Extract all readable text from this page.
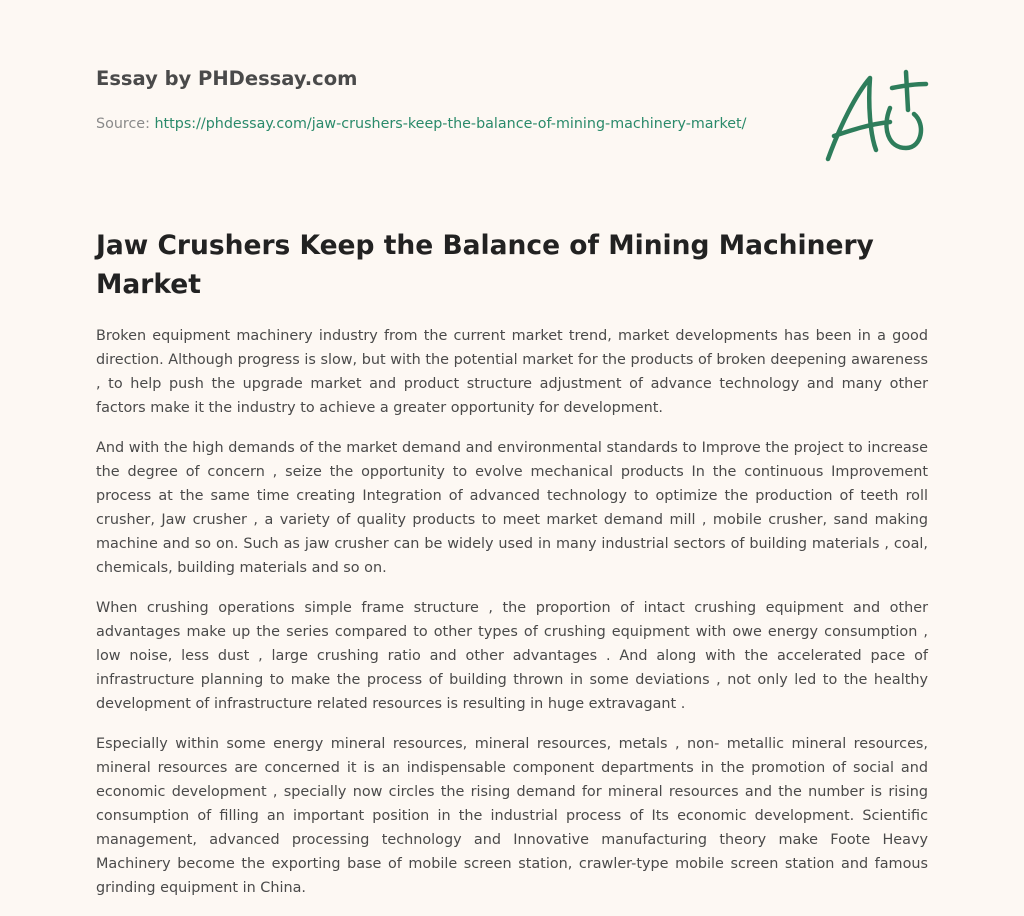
Essay by PHDessay.com

Source: https://phdessay.com/jaw-crushers-keep-the-balance-of-mining-machinery-market/
Jaw Crushers Keep the Balance of Mining Machinery Market

Broken equipment machinery industry from the current market trend, market developments has been in a good direction. Although progress is slow, but with the potential market for the products of broken deepening awareness , to help push the upgrade market and product structure adjustment of advance technology and many other factors make it the industry to achieve a greater opportunity for development.

And with the high demands of the market demand and environmental standards to Improve the project to increase the degree of concern , seize the opportunity to evolve mechanical products In the continuous Improvement process at the same time creating Integration of advanced technology to optimize the production of teeth roll crusher, Jaw crusher , a variety of quality products to meet market demand mill , mobile crusher, sand making machine and so on. Such as jaw crusher can be widely used in many industrial sectors of building materials , coal, chemicals, building materials and so on.

When crushing operations simple frame structure , the proportion of intact crushing equipment and other advantages make up the series compared to other types of crushing equipment with owe energy consumption , low noise, less dust , large crushing ratio and other advantages . And along with the accelerated pace of infrastructure planning to make the process of building thrown in some deviations , not only led to the healthy development of infrastructure related resources is resulting in huge extravagant .

Especially within some energy mineral resources, mineral resources, metals , non- metallic mineral resources, mineral resources are concerned it is an indispensable component departments in the promotion of social and economic development , specially now circles the rising demand for mineral resources and the number is rising consumption of filling an important position in the industrial process of Its economic development. Scientific management, advanced processing technology and Innovative manufacturing theory make Foote Heavy Machinery become the exporting base of mobile screen station, crawler-type mobile screen station and famous grinding equipment in China.
